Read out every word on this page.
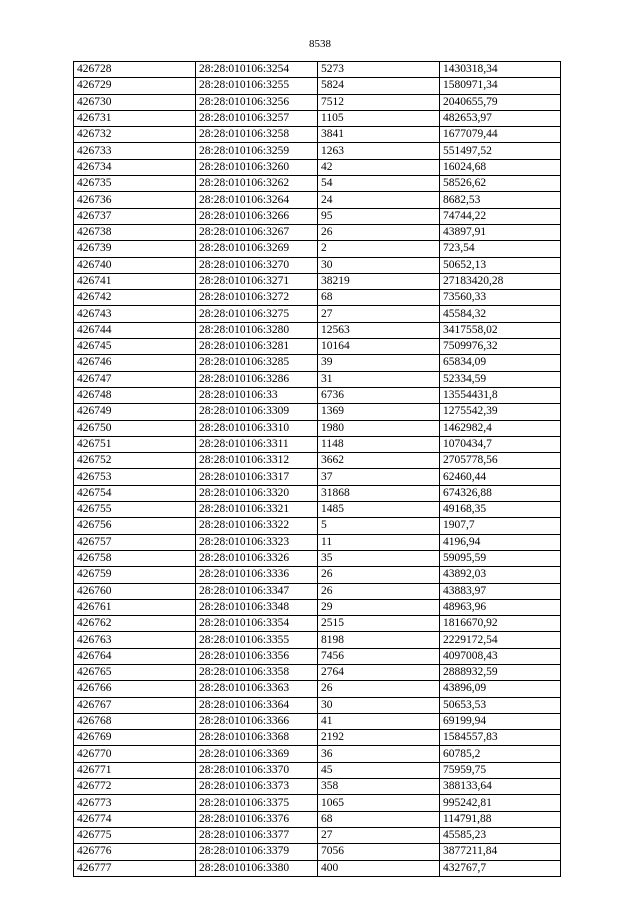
8538
426728	28:28:010106:3254	5273	1430318,34
426729	28:28:010106:3255	5824	1580971,34
426730	28:28:010106:3256	7512	2040655,79
426731	28:28:010106:3257	1105	482653,97
426732	28:28:010106:3258	3841	1677079,44
426733	28:28:010106:3259	1263	551497,52
426734	28:28:010106:3260	42	16024,68
426735	28:28:010106:3262	54	58526,62
426736	28:28:010106:3264	24	8682,53
426737	28:28:010106:3266	95	74744,22
426738	28:28:010106:3267	26	43897,91
426739	28:28:010106:3269	2	723,54
426740	28:28:010106:3270	30	50652,13
426741	28:28:010106:3271	38219	27183420,28
426742	28:28:010106:3272	68	73560,33
426743	28:28:010106:3275	27	45584,32
426744	28:28:010106:3280	12563	3417558,02
426745	28:28:010106:3281	10164	7509976,32
426746	28:28:010106:3285	39	65834,09
426747	28:28:010106:3286	31	52334,59
426748	28:28:010106:33	6736	13554431,8
426749	28:28:010106:3309	1369	1275542,39
426750	28:28:010106:3310	1980	1462982,4
426751	28:28:010106:3311	1148	1070434,7
426752	28:28:010106:3312	3662	2705778,56
426753	28:28:010106:3317	37	62460,44
426754	28:28:010106:3320	31868	674326,88
426755	28:28:010106:3321	1485	49168,35
426756	28:28:010106:3322	5	1907,7
426757	28:28:010106:3323	11	4196,94
426758	28:28:010106:3326	35	59095,59
426759	28:28:010106:3336	26	43892,03
426760	28:28:010106:3347	26	43883,97
426761	28:28:010106:3348	29	48963,96
426762	28:28:010106:3354	2515	1816670,92
426763	28:28:010106:3355	8198	2229172,54
426764	28:28:010106:3356	7456	4097008,43
426765	28:28:010106:3358	2764	2888932,59
426766	28:28:010106:3363	26	43896,09
426767	28:28:010106:3364	30	50653,53
426768	28:28:010106:3366	41	69199,94
426769	28:28:010106:3368	2192	1584557,83
426770	28:28:010106:3369	36	60785,2
426771	28:28:010106:3370	45	75959,75
426772	28:28:010106:3373	358	388133,64
426773	28:28:010106:3375	1065	995242,81
426774	28:28:010106:3376	68	114791,88
426775	28:28:010106:3377	27	45585,23
426776	28:28:010106:3379	7056	3877211,84
426777	28:28:010106:3380	400	432767,7
